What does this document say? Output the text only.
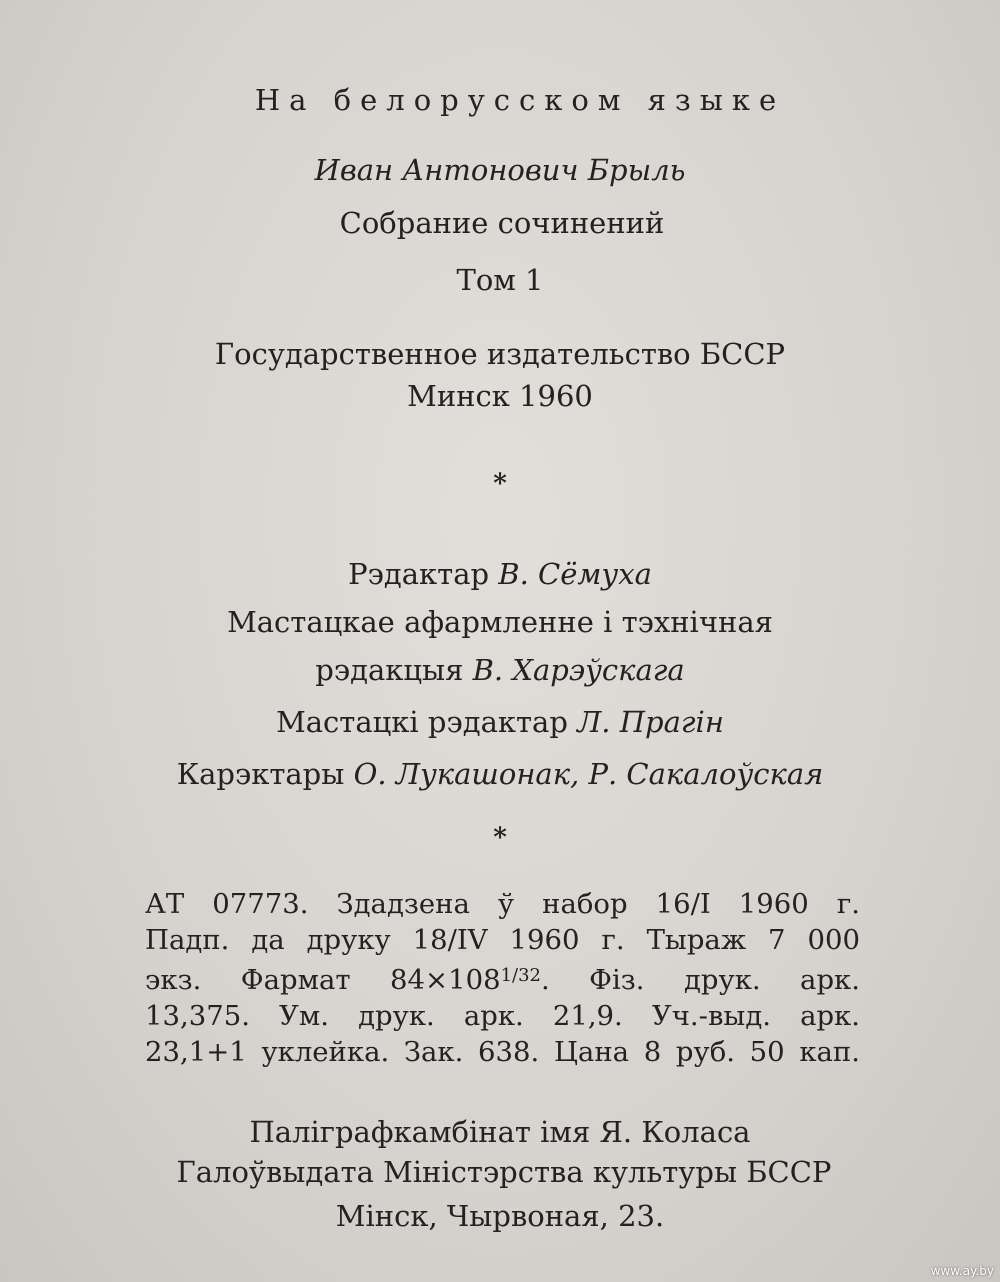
На белорусском языке
Иван Антонович Брыль
Собрание сочинений
Том 1
Государственное издательство БССР
Минск 1960
*
Рэдактар В. Сёмуха
Мастацкае афармленне і тэхнічная
рэдакцыя В. Харэўскага
Мастацкі рэдактар Л. Прагін
Карэктары О. Лукашонак, Р. Сакалоўская
*
АТ 07773. Здадзена ў набор 16/I 1960 г.
Падп. да друку 18/IV 1960 г. Тыраж 7 000
экз. Фармат $84\times 108^{1/32}$. Фіз. друк. арк.
13,375. Ум. друк. арк. 21,9. Уч.-выд. арк.
23,1+1 уклейка. Зак. 638. Цана 8 руб. 50 кап.
Паліграфкамбінат імя Я. Коласа
Галоўвыдата Міністэрства культуры БССР
Мінск, Чырвоная, 23.
www.ay.by
